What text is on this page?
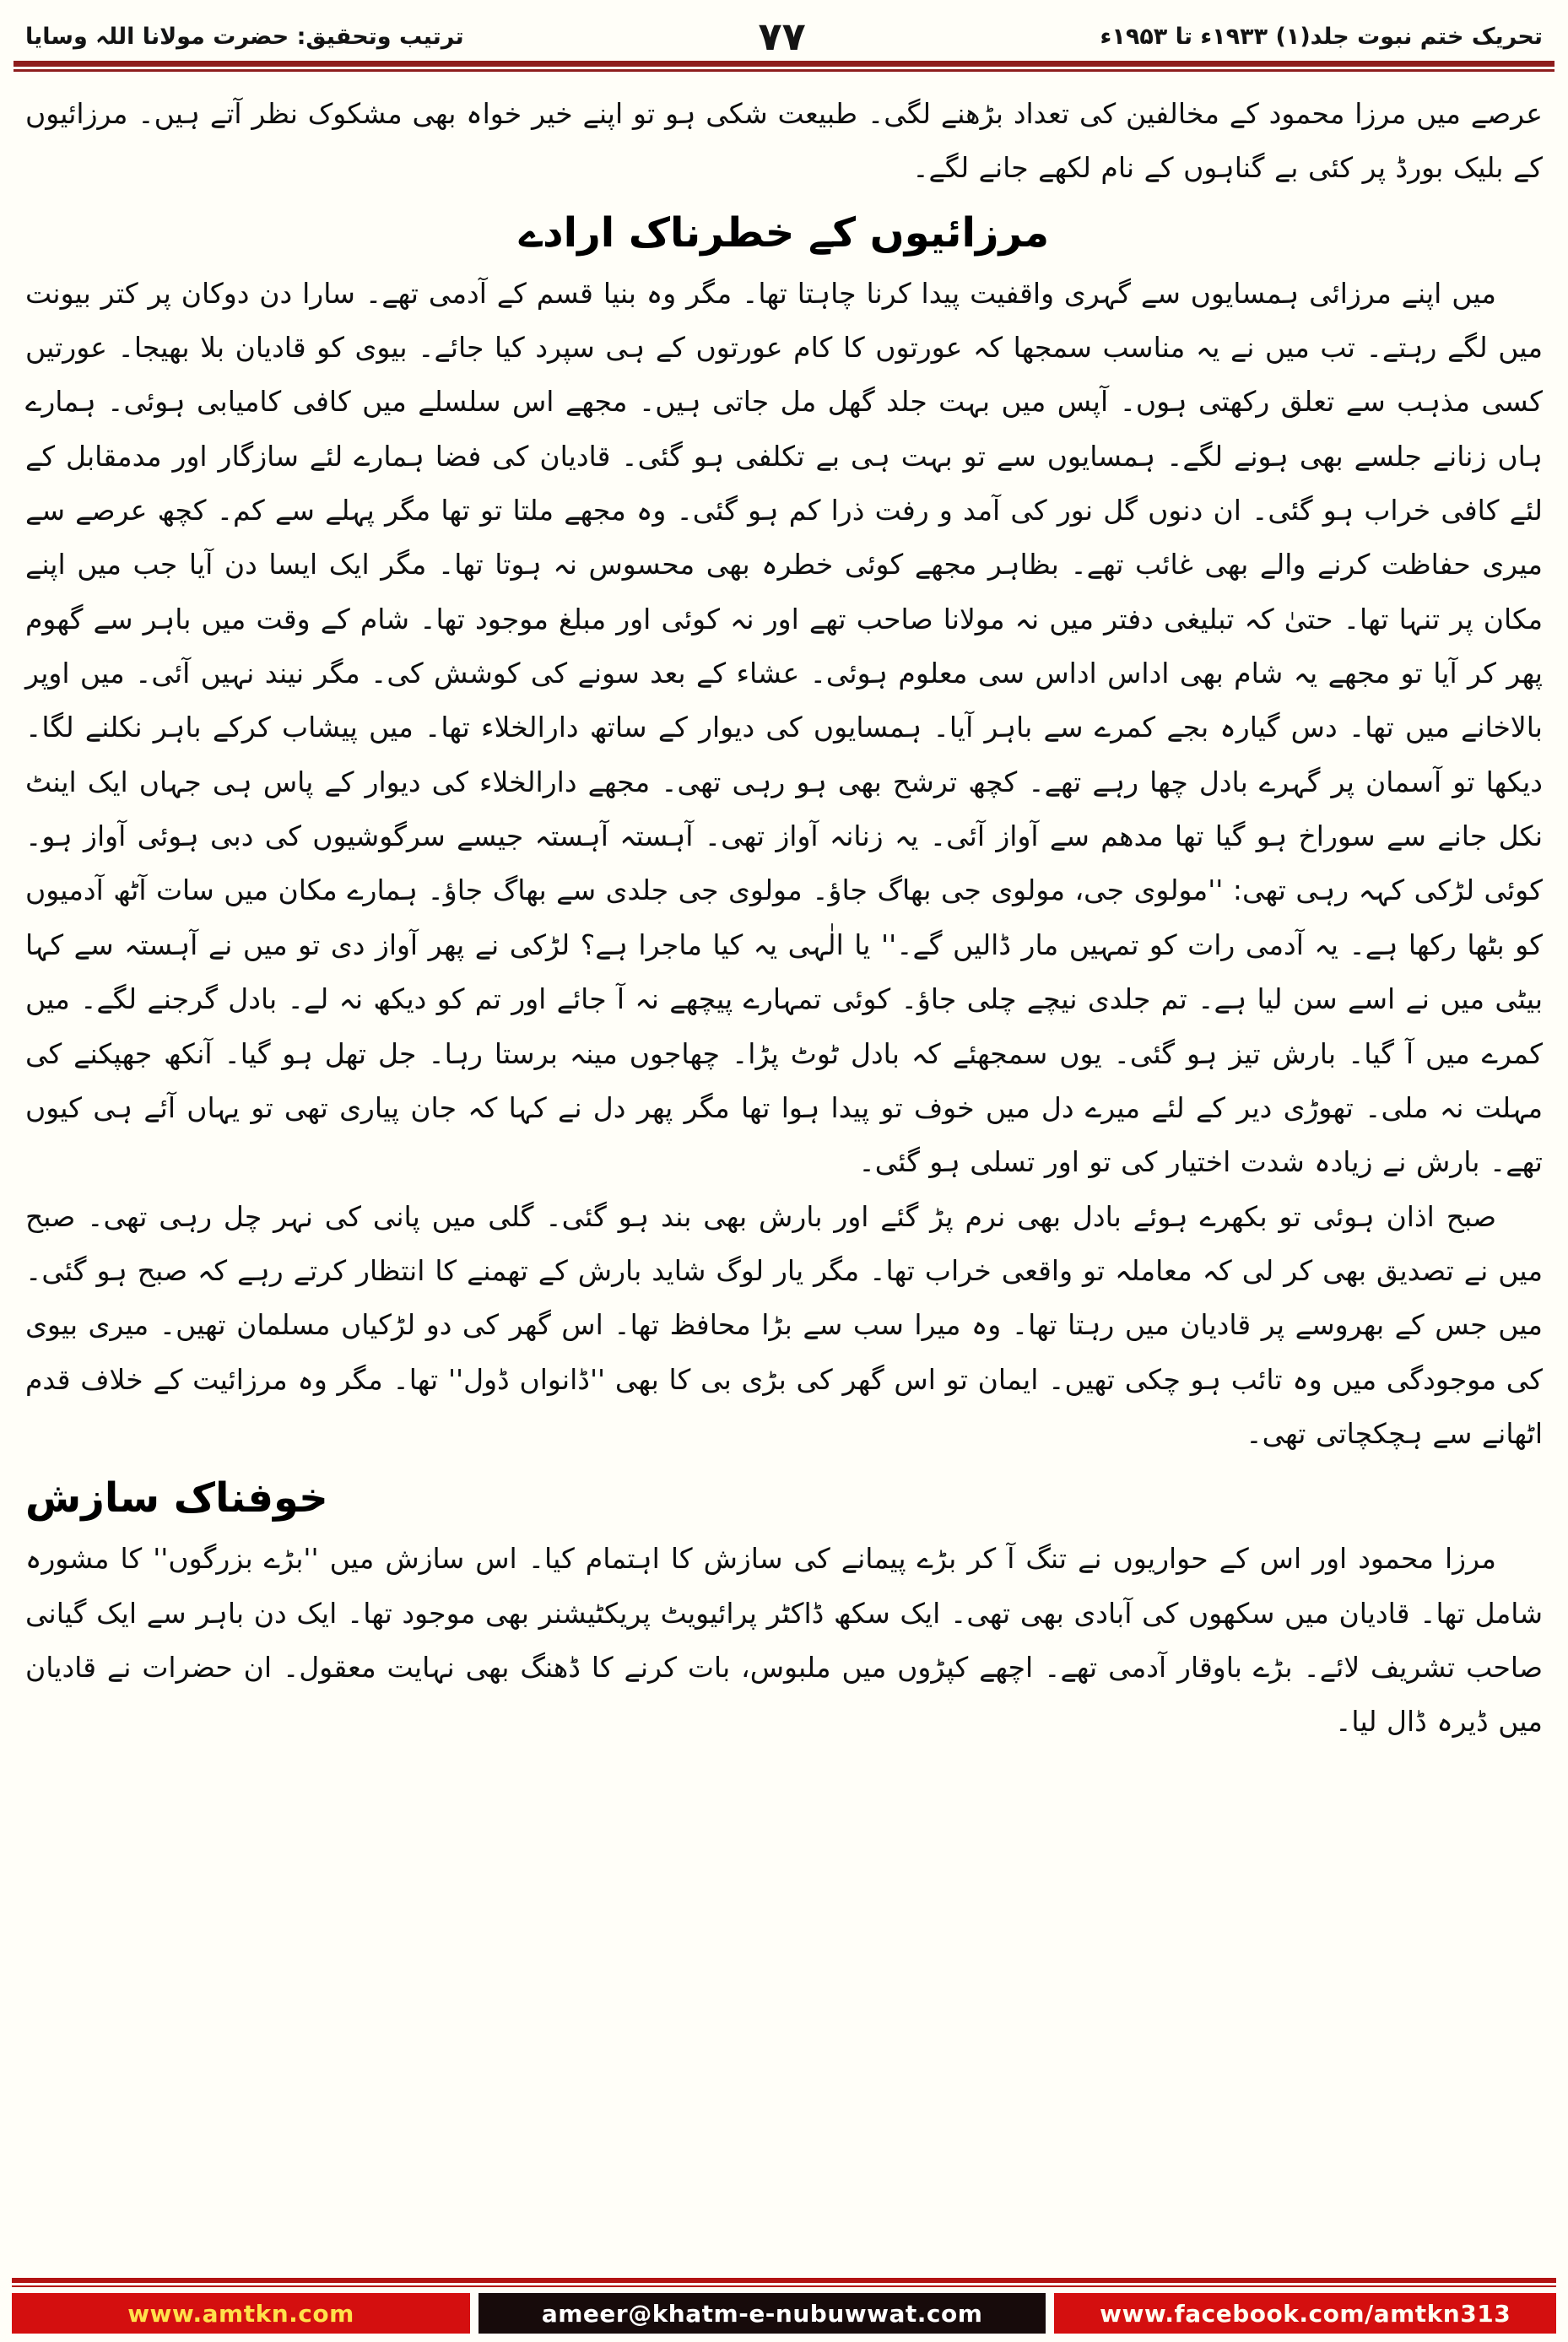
تحریک ختم نبوت جلد(۱) ۱۹۳۳ء تا ۱۹۵۳ء
۷۷
ترتیب وتحقیق: حضرت مولانا اللہ وسایا

عرصے میں مرزا محمود کے مخالفین کی تعداد بڑھنے لگی۔ طبیعت شکی ہو تو اپنے خیر خواہ بھی مشکوک نظر آتے ہیں۔ مرزائیوں کے بلیک بورڈ پر کئی بے گناہوں کے نام لکھے جانے لگے۔

مرزائیوں کے خطرناک ارادے

میں اپنے مرزائی ہمسایوں سے گہری واقفیت پیدا کرنا چاہتا تھا۔ مگر وہ بنیا قسم کے آدمی تھے۔ سارا دن دوکان پر کتر بیونت میں لگے رہتے۔ تب میں نے یہ مناسب سمجھا کہ عورتوں کا کام عورتوں کے ہی سپرد کیا جائے۔ بیوی کو قادیان بلا بھیجا۔ عورتیں کسی مذہب سے تعلق رکھتی ہوں۔ آپس میں بہت جلد گھل مل جاتی ہیں۔ مجھے اس سلسلے میں کافی کامیابی ہوئی۔ ہمارے ہاں زنانے جلسے بھی ہونے لگے۔ ہمسایوں سے تو بہت ہی بے تکلفی ہو گئی۔ قادیان کی فضا ہمارے لئے سازگار اور مدمقابل کے لئے کافی خراب ہو گئی۔ ان دنوں گل نور کی آمد و رفت ذرا کم ہو گئی۔ وہ مجھے ملتا تو تھا مگر پہلے سے کم۔ کچھ عرصے سے میری حفاظت کرنے والے بھی غائب تھے۔ بظاہر مجھے کوئی خطرہ بھی محسوس نہ ہوتا تھا۔ مگر ایک ایسا دن آیا جب میں اپنے مکان پر تنہا تھا۔ حتیٰ کہ تبلیغی دفتر میں نہ مولانا صاحب تھے اور نہ کوئی اور مبلغ موجود تھا۔ شام کے وقت میں باہر سے گھوم پھر کر آیا تو مجھے یہ شام بھی اداس اداس سی معلوم ہوئی۔ عشاء کے بعد سونے کی کوشش کی۔ مگر نیند نہیں آئی۔ میں اوپر بالاخانے میں تھا۔ دس گیارہ بجے کمرے سے باہر آیا۔ ہمسایوں کی دیوار کے ساتھ دارالخلاء تھا۔ میں پیشاب کرکے باہر نکلنے لگا۔ دیکھا تو آسمان پر گہرے بادل چھا رہے تھے۔ کچھ ترشح بھی ہو رہی تھی۔ مجھے دارالخلاء کی دیوار کے پاس ہی جہاں ایک اینٹ نکل جانے سے سوراخ ہو گیا تھا مدھم سے آواز آئی۔ یہ زنانہ آواز تھی۔ آہستہ آہستہ جیسے سرگوشیوں کی دبی ہوئی آواز ہو۔ کوئی لڑکی کہہ رہی تھی: ''مولوی جی، مولوی جی بھاگ جاؤ۔ مولوی جی جلدی سے بھاگ جاؤ۔ ہمارے مکان میں سات آٹھ آدمیوں کو بٹھا رکھا ہے۔ یہ آدمی رات کو تمہیں مار ڈالیں گے۔'' یا الٰہی یہ کیا ماجرا ہے؟ لڑکی نے پھر آواز دی تو میں نے آہستہ سے کہا بیٹی میں نے اسے سن لیا ہے۔ تم جلدی نیچے چلی جاؤ۔ کوئی تمہارے پیچھے نہ آ جائے اور تم کو دیکھ نہ لے۔ بادل گرجنے لگے۔ میں کمرے میں آ گیا۔ بارش تیز ہو گئی۔ یوں سمجھئے کہ بادل ٹوٹ پڑا۔ چھاجوں مینہ برستا رہا۔ جل تھل ہو گیا۔ آنکھ جھپکنے کی مہلت نہ ملی۔ تھوڑی دیر کے لئے میرے دل میں خوف تو پیدا ہوا تھا مگر پھر دل نے کہا کہ جان پیاری تھی تو یہاں آئے ہی کیوں تھے۔ بارش نے زیادہ شدت اختیار کی تو اور تسلی ہو گئی۔

صبح اذان ہوئی تو بکھرے ہوئے بادل بھی نرم پڑ گئے اور بارش بھی بند ہو گئی۔ گلی میں پانی کی نہر چل رہی تھی۔ صبح میں نے تصدیق بھی کر لی کہ معاملہ تو واقعی خراب تھا۔ مگر یار لوگ شاید بارش کے تھمنے کا انتظار کرتے رہے کہ صبح ہو گئی۔ میں جس کے بھروسے پر قادیان میں رہتا تھا۔ وہ میرا سب سے بڑا محافظ تھا۔ اس گھر کی دو لڑکیاں مسلمان تھیں۔ میری بیوی کی موجودگی میں وہ تائب ہو چکی تھیں۔ ایمان تو اس گھر کی بڑی بی کا بھی ''ڈانواں ڈول'' تھا۔ مگر وہ مرزائیت کے خلاف قدم اٹھانے سے ہچکچاتی تھی۔

خوفناک سازش

مرزا محمود اور اس کے حواریوں نے تنگ آ کر بڑے پیمانے کی سازش کا اہتمام کیا۔ اس سازش میں ''بڑے بزرگوں'' کا مشورہ شامل تھا۔ قادیان میں سکھوں کی آبادی بھی تھی۔ ایک سکھ ڈاکٹر پرائیویٹ پریکٹیشنر بھی موجود تھا۔ ایک دن باہر سے ایک گیانی صاحب تشریف لائے۔ بڑے باوقار آدمی تھے۔ اچھے کپڑوں میں ملبوس، بات کرنے کا ڈھنگ بھی نہایت معقول۔ ان حضرات نے قادیان میں ڈیرہ ڈال لیا۔

www.amtkn.com	ameer@khatm-e-nubuwwat.com	www.facebook.com/amtkn313
